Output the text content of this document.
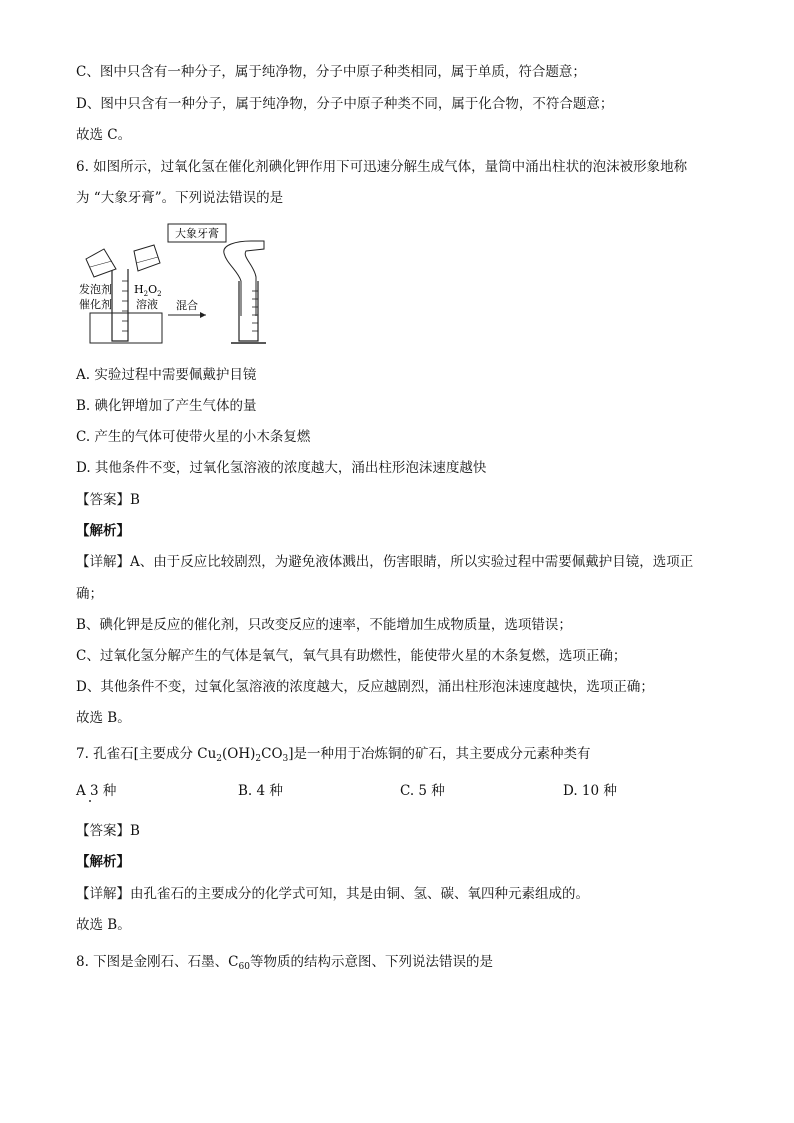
C、图中只含有一种分子，属于纯净物，分子中原子种类相同，属于单质，符合题意；
D、图中只含有一种分子，属于纯净物，分子中原子种类不同，属于化合物，不符合题意；
故选 C。
6. 如图所示，过氧化氢在催化剂碘化钾作用下可迅速分解生成气体，量筒中涌出柱状的泡沫被形象地称
为 “大象牙膏”。下列说法错误的是
大象牙膏
发泡剂
催化剂
$H_2O_2$
溶液 混合
A. 实验过程中需要佩戴护目镜
B. 碘化钾增加了产生气体的量
C. 产生的气体可使带火星的小木条复燃
D. 其他条件不变，过氧化氢溶液的浓度越大，涌出柱形泡沫速度越快
【答案】B
【解析】
【详解】A、由于反应比较剧烈，为避免液体溅出，伤害眼睛，所以实验过程中需要佩戴护目镜，选项正
确；
B、碘化钾是反应的催化剂，只改变反应的速率，不能增加生成物质量，选项错误；
C、过氧化氢分解产生的气体是氧气，氧气具有助燃性，能使带火星的木条复燃，选项正确；
D、其他条件不变，过氧化氢溶液的浓度越大，反应越剧烈，涌出柱形泡沫速度越快，选项正确；
故选 B。
7. 孔雀石[主要成分 $Cu_2(OH)_2CO_3$]是一种用于冶炼铜的矿石，其主要成分元素种类有
A 3 种	B. 4 种	C. 5 种	D. 10 种
【答案】B
【解析】
【详解】由孔雀石的主要成分的化学式可知，其是由铜、氢、碳、氧四种元素组成的。
故选 B。
8. 下图是金刚石、石墨、$C_{60}$等物质的结构示意图、下列说法错误的是
